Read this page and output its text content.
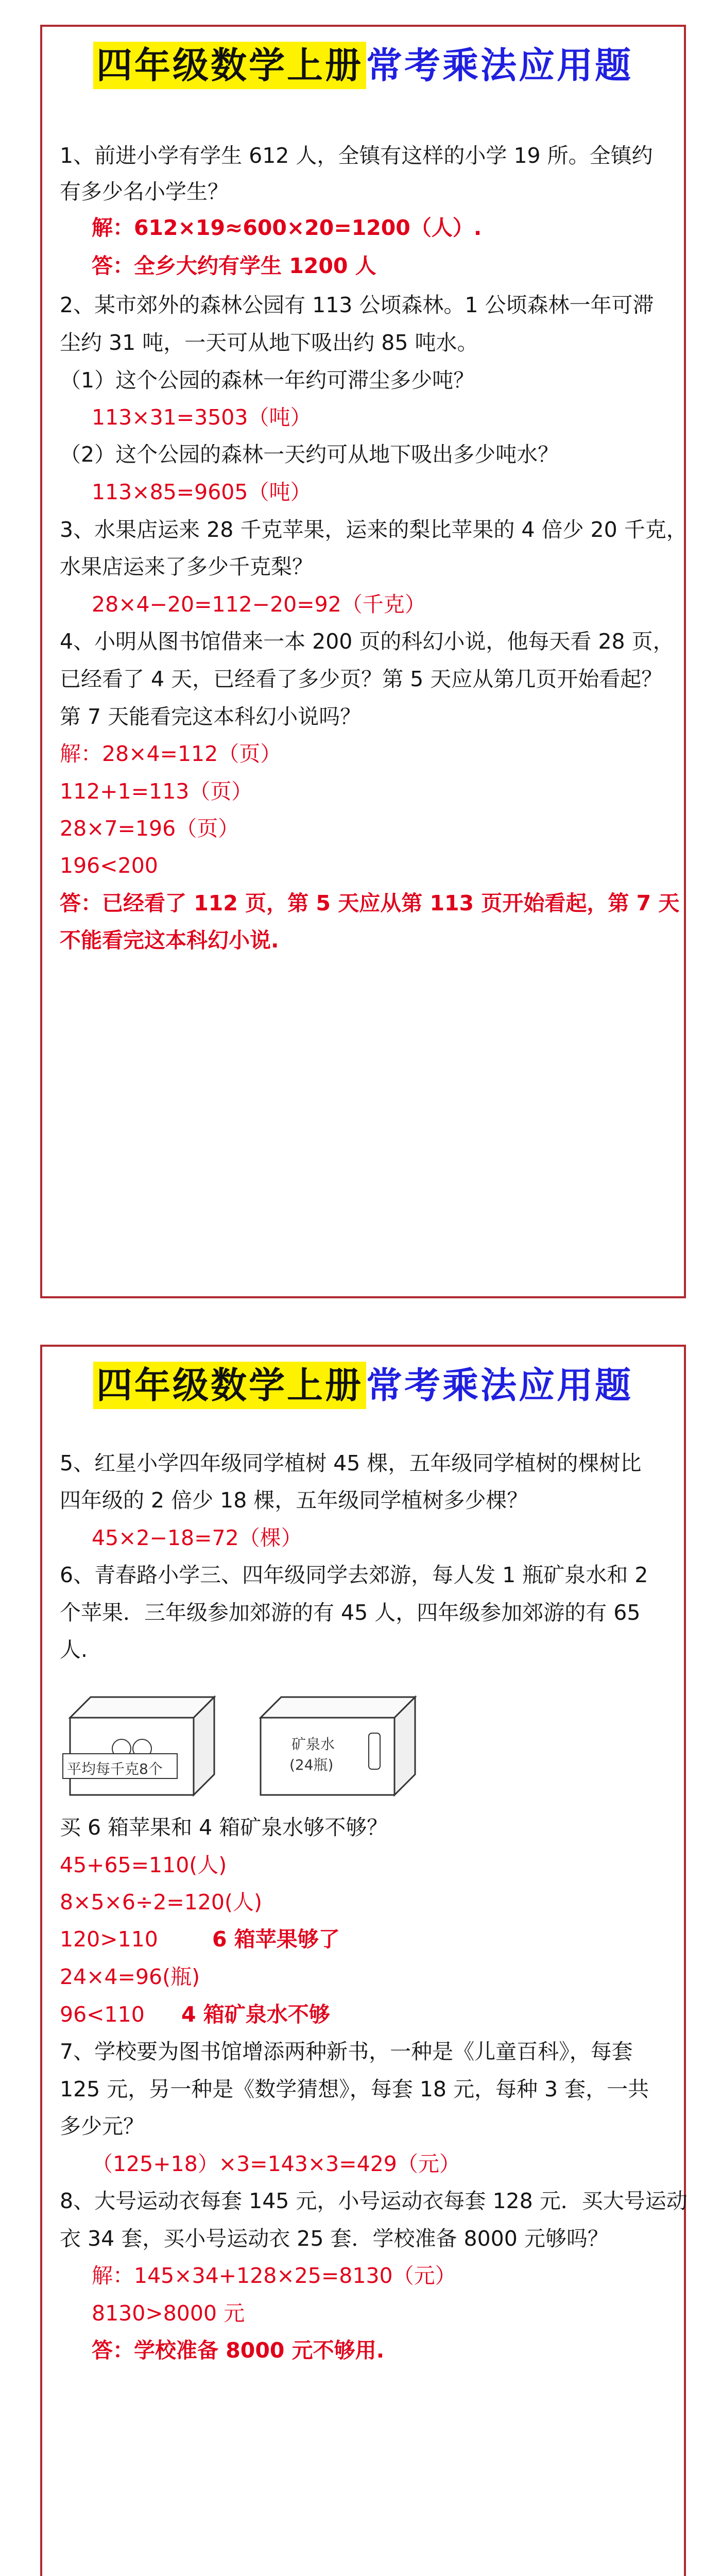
四年级数学上册 常考乘法应用题
1、前进小学有学生 612 人，全镇有这样的小学 19 所。全镇约
有多少名小学生？
解：612×19≈600×20=1200（人）.
答：全乡大约有学生 1200 人
2、某市郊外的森林公园有 113 公顷森林。1 公顷森林一年可滞
尘约 31 吨，一天可从地下吸出约 85 吨水。
（1）这个公园的森林一年约可滞尘多少吨？
113×31=3503（吨）
（2）这个公园的森林一天约可从地下吸出多少吨水？
113×85=9605（吨）
3、水果店运来 28 千克苹果，运来的梨比苹果的 4 倍少 20 千克，
水果店运来了多少千克梨？
28×4−20=112−20=92（千克）
4、小明从图书馆借来一本 200 页的科幻小说，他每天看 28 页，
已经看了 4 天，已经看了多少页？第 5 天应从第几页开始看起？
第 7 天能看完这本科幻小说吗？
解：28×4=112（页）
112+1=113（页）
28×7=196（页）
196<200
答：已经看了 112 页，第 5 天应从第 113 页开始看起，第 7 天
不能看完这本科幻小说.
四年级数学上册 常考乘法应用题
5、红星小学四年级同学植树 45 棵，五年级同学植树的棵树比
四年级的 2 倍少 18 棵，五年级同学植树多少棵？
45×2−18=72（棵）
6、青春路小学三、四年级同学去郊游，每人发 1 瓶矿泉水和 2
个苹果．三年级参加郊游的有 45 人，四年级参加郊游的有 65
人.
平均每千克8个
矿泉水
(24瓶)
买 6 箱苹果和 4 箱矿泉水够不够？
45+65=110(人)
8×5×6÷2=120(人)
120>110	6 箱苹果够了
24×4=96(瓶)
96<110	4 箱矿泉水不够
7、学校要为图书馆增添两种新书，一种是《儿童百科》，每套
125 元，另一种是《数学猜想》，每套 18 元，每种 3 套，一共
多少元？
（125+18）×3=143×3=429（元）
8、大号运动衣每套 145 元，小号运动衣每套 128 元．买大号运动
衣 34 套，买小号运动衣 25 套．学校准备 8000 元够吗？
解：145×34+128×25=8130（元）
8130>8000 元
答：学校准备 8000 元不够用.
